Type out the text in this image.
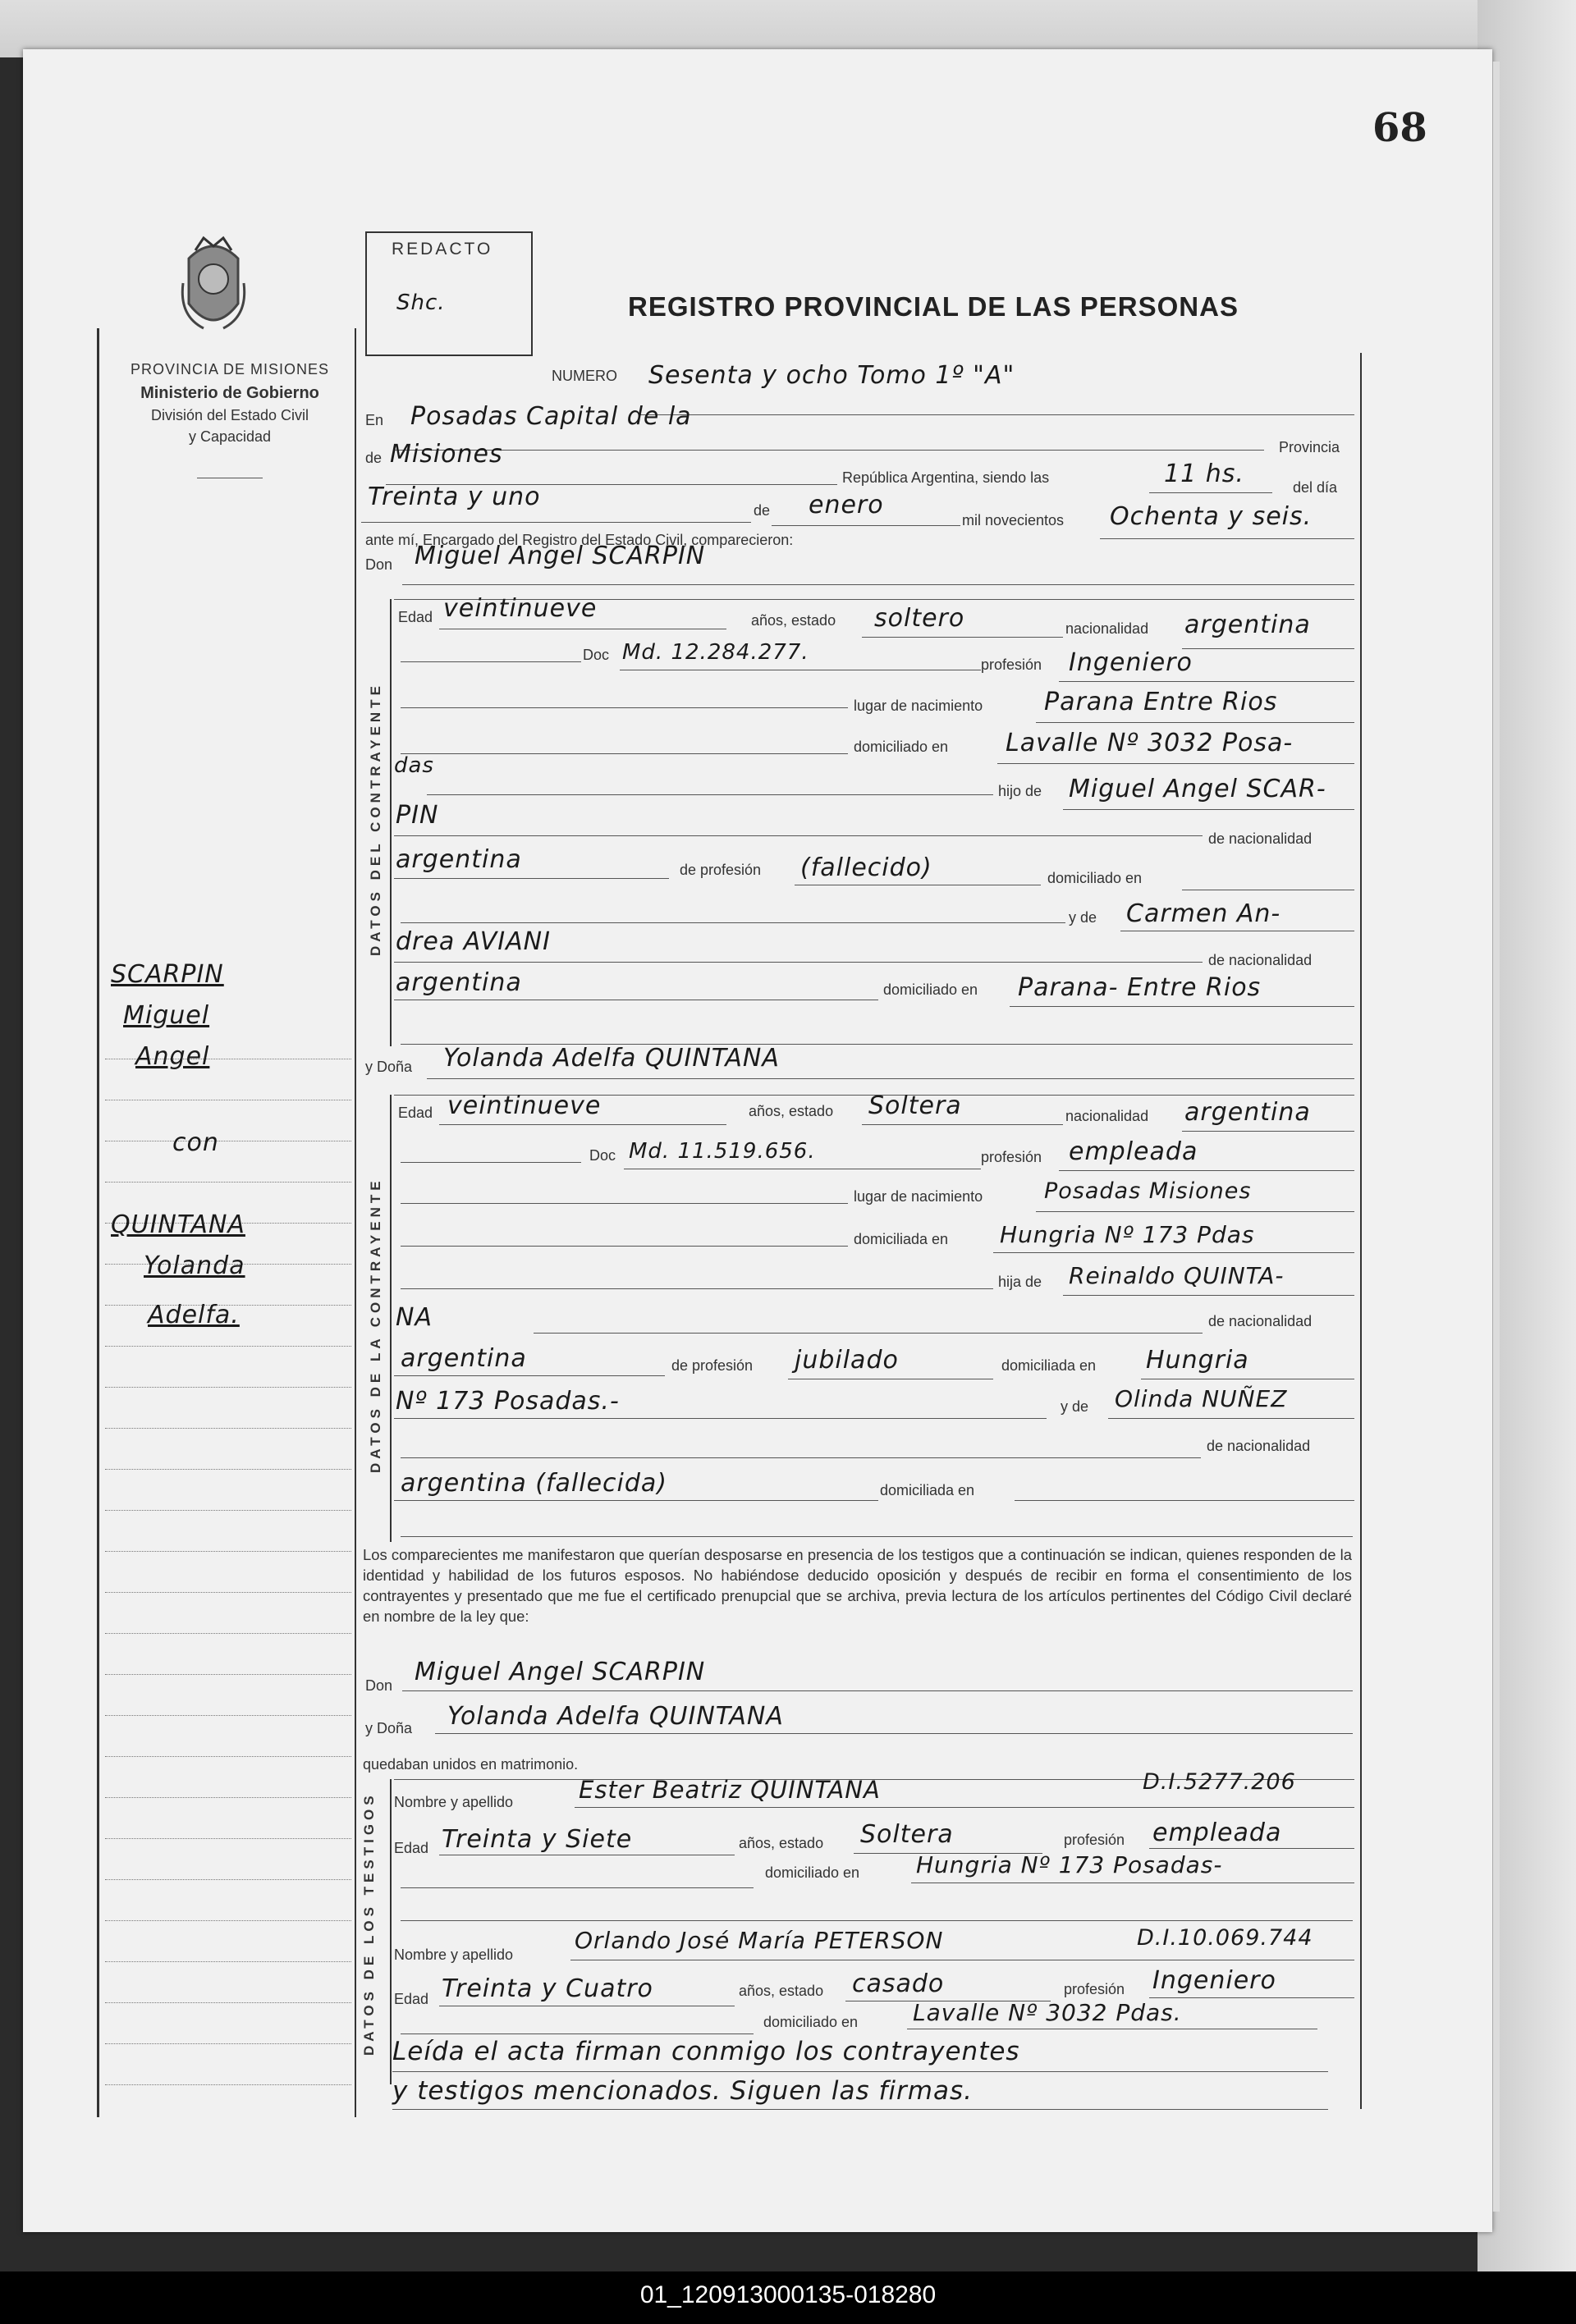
68
PROVINCIA DE MISIONES
Ministerio de Gobierno
División del Estado Civil
y Capacidad
REDACTO
Shc.	REGISTRO PROVINCIAL DE LAS PERSONAS
SCARPIN
Miguel
Angel
con
QUINTANA
Yolanda
Adelfa.
NUMERO Sesenta y ocho Tomo 1º "A"
En Posadas Capital de la
Provincia
de Misiones
República Argentina, siendo las	11 hs.	del día
Treinta y uno	de enero
mil novecientos Ochenta y seis.
ante mí, Encargado del Registro del Estado Civil, comparecieron:
Don Miguel Angel SCARPIN
DATOS DEL CONTRAYENTE
Edad veintinueve	años, estado soltero	nacionalidad argentina
Doc Md. 12.284.277.	profesión Ingeniero
lugar de nacimiento Parana Entre Rios
domiciliado en Lavalle Nº 3032 Posa-
das
hijo de Miguel Angel SCAR-
PIN
de nacionalidad
argentina	de profesión (fallecido)	domiciliado en
y de Carmen An-
drea AVIANI
de nacionalidad
argentina	domiciliado en Parana- Entre Rios
y Doña Yolanda Adelfa QUINTANA
DATOS DE LA CONTRAYENTE
Edad veintinueve	años, estado Soltera	nacionalidad argentina
Doc Md. 11.519.656.	profesión empleada
lugar de nacimiento	Posadas Misiones
domiciliada en Hungria Nº 173 Pdas
hija de Reinaldo QUINTA-
NA	de nacionalidad
argentina	de profesión jubilado	domiciliada en Hungria
Nº 173 Posadas.-	y de Olinda NUÑEZ
de nacionalidad
argentina (fallecida)	domiciliada en
Los comparecientes me manifestaron que querían desposarse en presencia de los testigos que a continuación se indican, quienes responden de la identidad y habilidad de los futuros esposos. No habiéndose deducido oposición y después de recibir en forma el consentimiento de los contrayentes y presentado que me fue el certificado prenupcial que se archiva, previa lectura de los artículos pertinentes del Código Civil declaré en nombre de la ley que:
Don Miguel Angel SCARPIN
y Doña Yolanda Adelfa QUINTANA
quedaban unidos en matrimonio.
DATOS DE LOS TESTIGOS Nombre y apellido	Ester Beatriz QUINTANA	D.I.5277.206
Edad Treinta y Siete	años, estado Soltera	profesión empleada
domiciliado en Hungria Nº 173 Posadas-
Nombre y apellido
Orlando José María PETERSON	D.I.10.069.744
Edad Treinta y Cuatro	años, estado casado	profesión Ingeniero
domiciliado en Lavalle Nº 3032 Pdas.
Leída el acta firman conmigo los contrayentes
y testigos mencionados. Siguen las firmas.
01_120913000135-018280
